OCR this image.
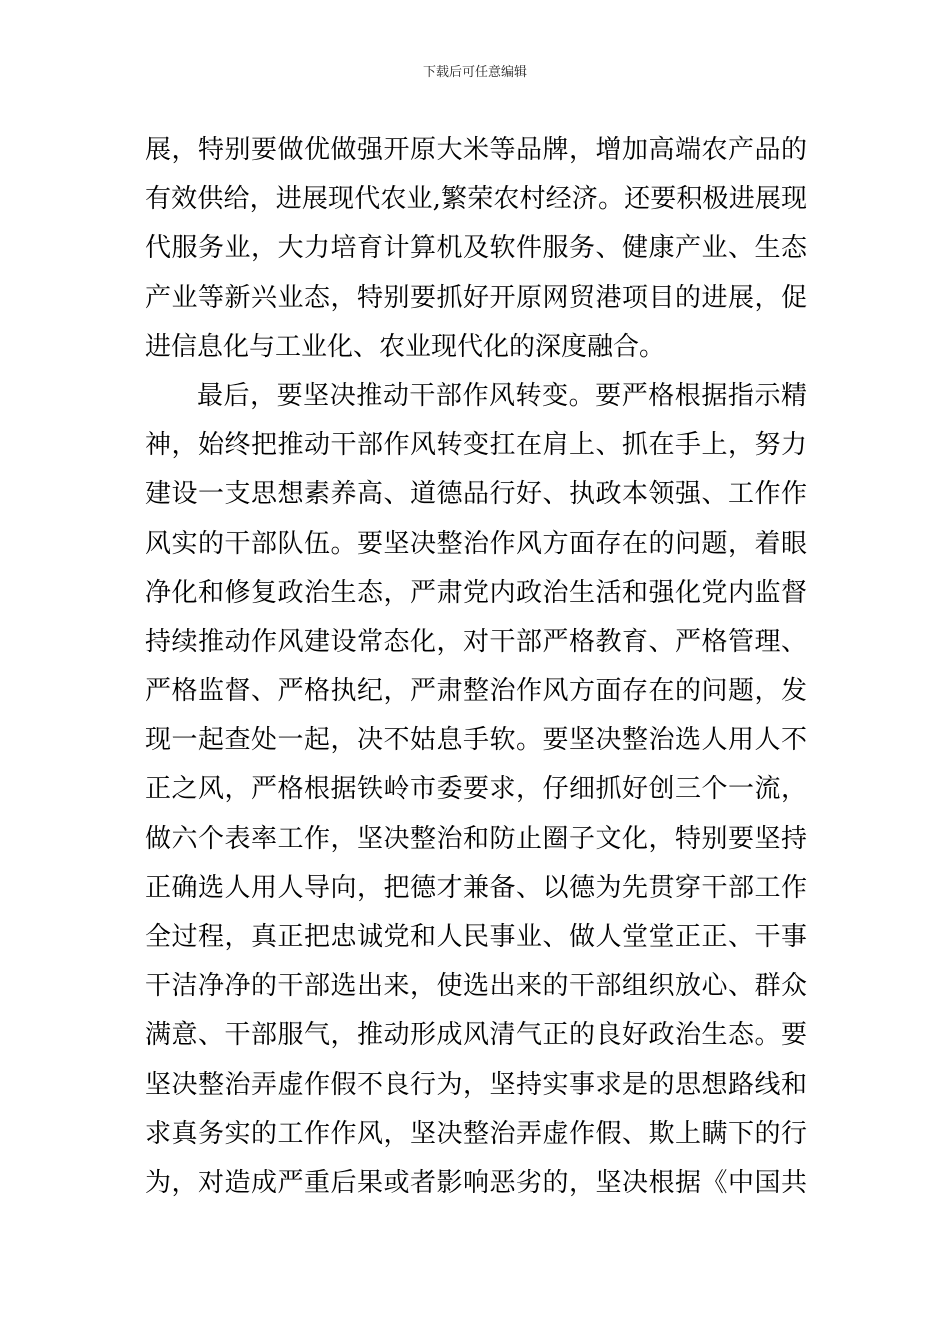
下载后可任意编辑
展，特别要做优做强开原大米等品牌，增加高端农产品的
有效供给，进展现代农业,繁荣农村经济。还要积极进展现
代服务业，大力培育计算机及软件服务、健康产业、生态
产业等新兴业态，特别要抓好开原网贸港项目的进展，促
进信息化与工业化、农业现代化的深度融合。
最后，要坚决推动干部作风转变。要严格根据指示精
神，始终把推动干部作风转变扛在肩上、抓在手上，努力
建设一支思想素养高、道德品行好、执政本领强、工作作
风实的干部队伍。要坚决整治作风方面存在的问题，着眼
净化和修复政治生态，严肃党内政治生活和强化党内监督
持续推动作风建设常态化，对干部严格教育、严格管理、
严格监督、严格执纪，严肃整治作风方面存在的问题，发
现一起查处一起，决不姑息手软。要坚决整治选人用人不
正之风，严格根据铁岭市委要求，仔细抓好创三个一流，
做六个表率工作，坚决整治和防止圈子文化，特别要坚持
正确选人用人导向，把德才兼备、以德为先贯穿干部工作
全过程，真正把忠诚党和人民事业、做人堂堂正正、干事
干洁净净的干部选出来，使选出来的干部组织放心、群众
满意、干部服气，推动形成风清气正的良好政治生态。要
坚决整治弄虚作假不良行为，坚持实事求是的思想路线和
求真务实的工作作风，坚决整治弄虚作假、欺上瞒下的行
为，对造成严重后果或者影响恶劣的，坚决根据《中国共
